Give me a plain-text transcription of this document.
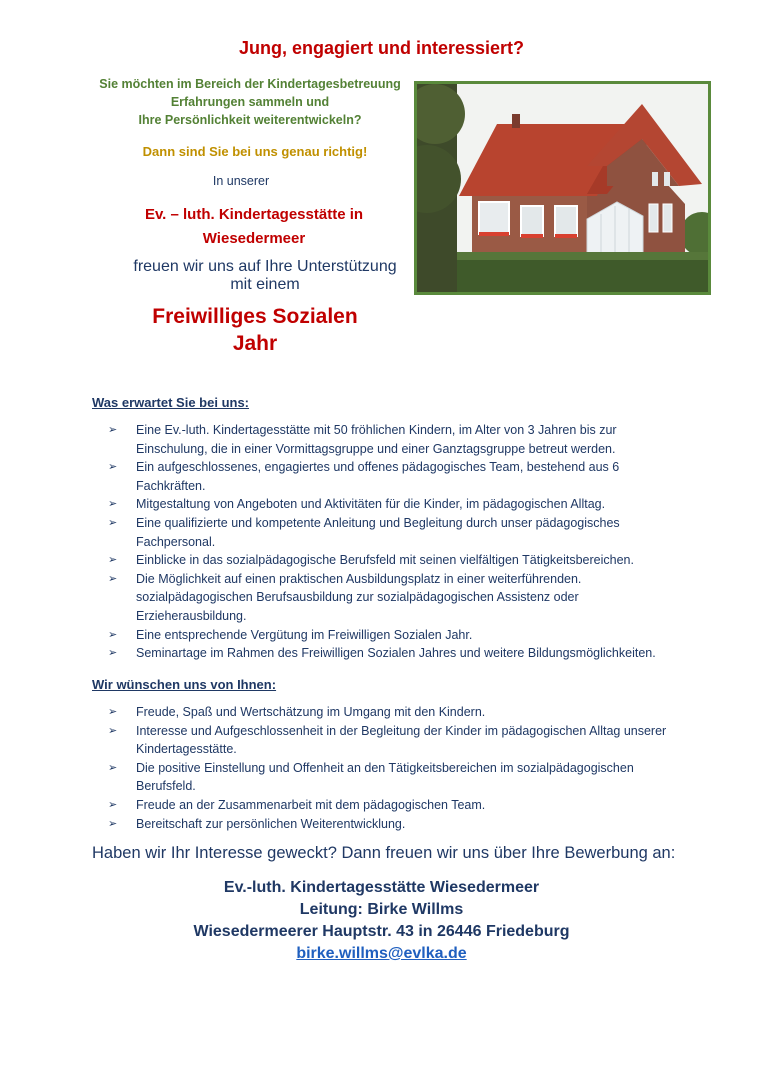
Jung, engagiert und interessiert?
Sie möchten im Bereich der Kindertagesbetreuung
Erfahrungen sammeln und
Ihre Persönlichkeit weiterentwickeln?
Dann sind Sie bei uns genau richtig!
In unserer
Ev. – luth. Kindertagesstätte in
Wiesedermeer
freuen wir uns auf Ihre Unterstützung
mit einem
Freiwilliges Sozialen
Jahr
Was erwartet Sie bei uns:
➢ Eine Ev.-luth. Kindertagesstätte mit 50 fröhlichen Kindern, im Alter von 3 Jahren bis zur Einschulung, die in einer Vormittagsgruppe und einer Ganztagsgruppe betreut werden.
➢ Ein aufgeschlossenes, engagiertes und offenes pädagogisches Team, bestehend aus 6 Fachkräften.
➢ Mitgestaltung von Angeboten und Aktivitäten für die Kinder, im pädagogischen Alltag.
➢ Eine qualifizierte und kompetente Anleitung und Begleitung durch unser pädagogisches Fachpersonal.
➢ Einblicke in das sozialpädagogische Berufsfeld mit seinen vielfältigen Tätigkeitsbereichen.
➢ Die Möglichkeit auf einen praktischen Ausbildungsplatz in einer weiterführenden. sozialpädagogischen Berufsausbildung zur sozialpädagogischen Assistenz oder Erzieherausbildung.
➢ Eine entsprechende Vergütung im Freiwilligen Sozialen Jahr.
➢ Seminartage im Rahmen des Freiwilligen Sozialen Jahres und weitere Bildungsmöglichkeiten.
Wir wünschen uns von Ihnen:
➢ Freude, Spaß und Wertschätzung im Umgang mit den Kindern.
➢ Interesse und Aufgeschlossenheit in der Begleitung der Kinder im pädagogischen Alltag unserer Kindertagesstätte.
➢ Die positive Einstellung und Offenheit an den Tätigkeitsbereichen im sozialpädagogischen Berufsfeld.
➢ Freude an der Zusammenarbeit mit dem pädagogischen Team.
➢ Bereitschaft zur persönlichen Weiterentwicklung.
Haben wir Ihr Interesse geweckt? Dann freuen wir uns über Ihre Bewerbung an:
Ev.-luth. Kindertagesstätte Wiesedermeer
Leitung: Birke Willms
Wiesedermeerer Hauptstr. 43 in 26446 Friedeburg
birke.willms@evlka.de
